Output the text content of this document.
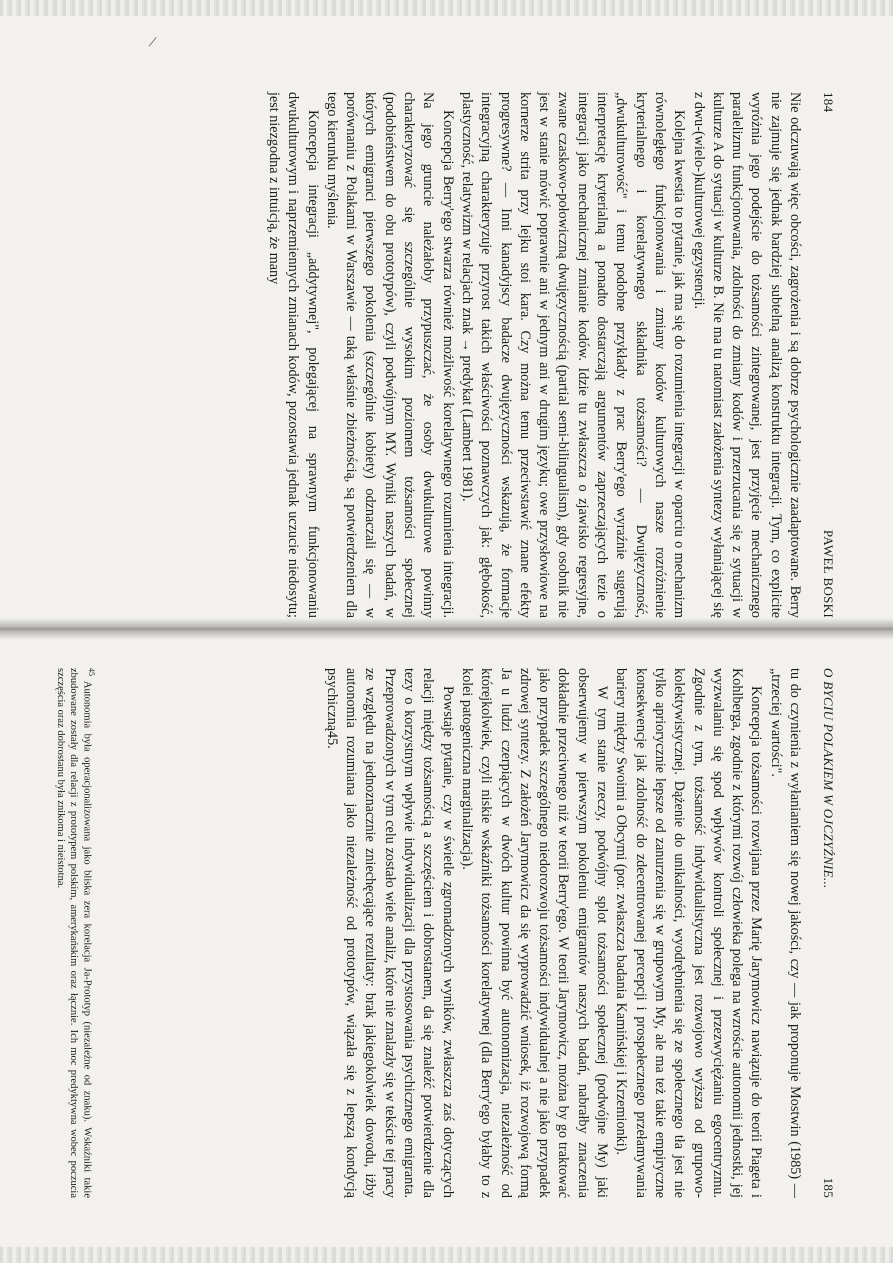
/
184
PAWEŁ BOSKI

Nie odczuwają więc obcości, zagrożenia i są dobrze psychologicznie zaadaptowane. Berry nie zajmuje się jednak bardziej subtelną analizą konstruktu integracji. Tym, co explicite wyróżnia jego podejście do tożsamości zintegrowanej, jest przyjęcie mechanicznego paralelizmu funkcjonowania, zdolności do zmiany kodów i przerzucania się z sytuacji w kulturze A do sytuacji w kulturze B. Nie ma tu natomiast założenia syntezy wyłaniającej się z dwu-(wielo-)kulturowej egzystencji.

Kolejna kwestia to pytanie, jak ma się do rozumienia integracji w oparciu o mechanizm równoległego funkcjonowania i zmiany kodów kulturowych nasze rozróżnienie kryterialnego i korelatywnego składnika tożsamości? — Dwujęzyczność, „dwukulturowość" i temu podobne przykłady z prac Berry'ego wyraźnie sugerują interpretację kryterialną a ponadto dostarczają argumentów zaprzeczających tezie o integracji jako mechanicznej zmianie kodów. Idzie tu zwłaszcza o zjawisko regresyjne, zwane czaskowo-połowiczną dwujęzycznością (partial semi-bilingualism), gdy osobnik nie jest w stanie mówić poprawnie ani w jednym ani w drugim języku; owe przysłowiowe na kornerze strita przy lejku stoi kara. Czy można temu przeciwstawić znane efekty progresywne? — Inni kanadyjscy badacze dwujęzyczności wskazują, że formacje integracyjną charakteryzuje przyrost takich właściwości poznawczych jak: głębokość, plastyczność, relatywizm w relacjach znak → predykat (Lambert 1981).

Koncepcja Berry'ego stwarza również możliwość korelatywnego rozumienia integracji. Na jego gruncie należałoby przypuszczać, że osoby dwukulturowe powinny charakteryzować się szczególnie wysokim poziomem tożsamości społecznej (podobieństwem do obu prototypów), czyli podwójnym MY. Wyniki naszych badań, w których emigranci pierwszego pokolenia (szczególnie kobiety) odznaczali się — w porównaniu z Polakami w Warszawie — taką właśnie zbieżnością, są potwierdzeniem dla tego kierunku myślenia.

Koncepcja integracji „addytywnej", polegającej na sprawnym funkcjonowaniu dwukulturowym i naprzemiennych zmianach kodów, pozostawia jednak uczucie niedosytu; jest niezgodna z intuicją, że many

O BYCIU POLAKIEM W OJCZYŹNIE...
185

tu do czynienia z wyłanianiem się nowej jakości, czy — jak proponuje Mostwin (1985) — „trzeciej wartości".

Koncepcja tożsamości rozwijana przez Marię Jarymowicz nawiązuje do teorii Piageta i Kohlberga, zgodnie z którymi rozwój człowieka polega na wzroście autonomii jednostki, jej wyzwalaniu się spod wpływów kontroli społecznej i przezwyciężaniu egocentryzmu. Zgodnie z tym, tożsamość indywidualistyczna jest rozwojowo wyższa od grupowo-kolektywistycznej. Dążenie do unikalności, wyodrębnienia się ze społecznego tła jest nie tylko apriorycznie lepsze od zanurzenia się w grupowym My, ale ma też takie empiryczne konsekwencje jak zdolność do zdecentrowanej percepcji i prospołecznego przełamywania bariery między Swoimi a Obcymi (por. zwłaszcza badania Kamińskiej i Krzemionki).

W tym stanie rzeczy, podwójny splot tożsamości społecznej (podwójne My) jaki obserwujemy w pierwszym pokoleniu emigrantów naszych badań, nabrałby znaczenia dokładnie przeciwnego niż w teorii Berry'ego. W teorii Jarymowicz, można by go traktować jako przypadek szczególnego niedorozwoju tożsamości indywidualnej a nie jako przypadek zdrowej syntezy. Z założeń Jarymowicz da się wyprowadzić wniosek, iż rozwojową formą Ja u ludzi czerpiących w dwóch kultur powinna być autonomizacja, niezależność od którejkolwiek, czyli niskie wskaźniki tożsamości korelatywnej (dla Berry'ego byłaby to z kolei patogeniczna marginalizacja).

Powstaje pytanie, czy w świetle zgromadzonych wyników, zwłaszcza zaś dotyczących relacji między tożsamością a szczęściem i dobrostanem, da się znaleźć potwierdzenie dla tezy o korzystnym wpływie indywidualizacji dla przystosowania psychicznego emigranta. Przeprowadzonych w tym celu zostało wiele analiz, które nie znalazły się w tekście tej pracy ze względu na jednoznacznie zniechęcające rezultaty: brak jakiegokolwiek dowodu, iżby autonomia rozumiana jako niezależność od prototypów, wiązała się z lepszą kondycją psychiczną45.

$^{45}$ Autonomia była operacjonalizowana jako bliska zera korelacja Ja-Prototyp (niezależne od znaku). Wskaźniki takie zbudowane zostały dla relacji z prototypem polskim, amerykańskim oraz łącznie. Ich moc predyktywna wobec poczucia szczęścia oraz dobrostanu była znikoma i nieistotna.
